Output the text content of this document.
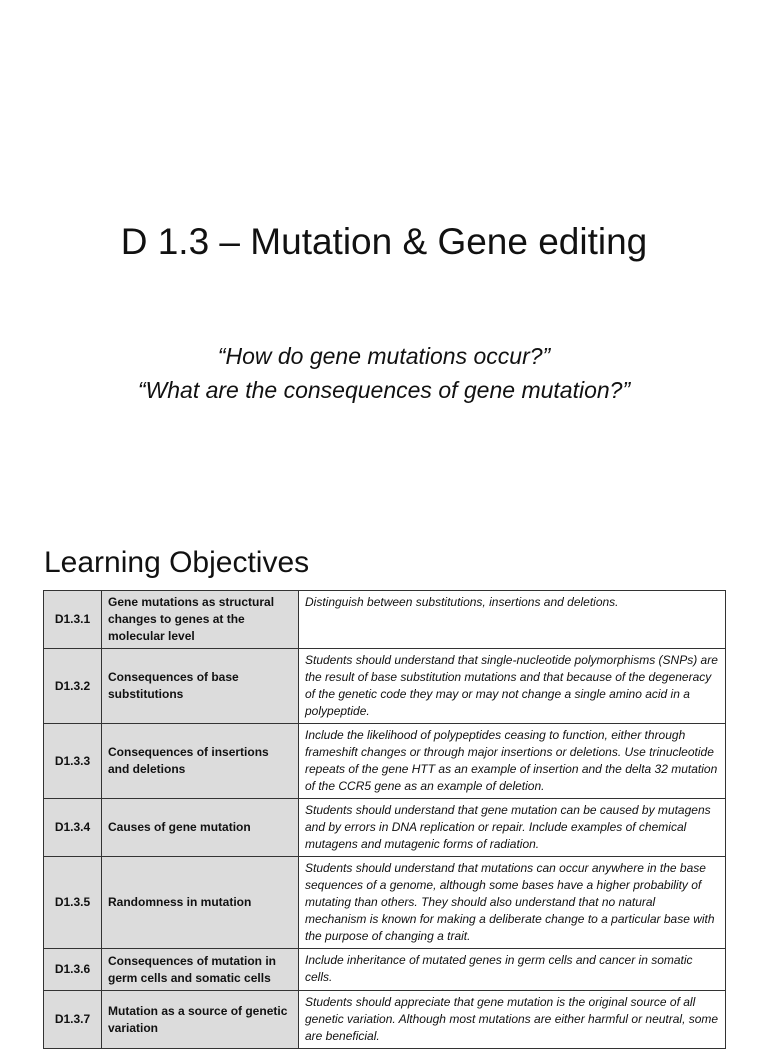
D 1.3 – Mutation & Gene editing
“How do gene mutations occur?”
“What are the consequences of gene mutation?”
Learning Objectives
D1.3.1	Gene mutations as structural changes to genes at the molecular level	Distinguish between substitutions, insertions and deletions.
D1.3.2	Consequences of base substitutions	Students should understand that single-nucleotide polymorphisms (SNPs) are the result of base substitution mutations and that because of the degeneracy of the genetic code they may or may not change a single amino acid in a polypeptide.
D1.3.3	Consequences of insertions and deletions	Include the likelihood of polypeptides ceasing to function, either through frameshift changes or through major insertions or deletions. Use trinucleotide repeats of the gene HTT as an example of insertion and the delta 32 mutation of the CCR5 gene as an example of deletion.
D1.3.4	Causes of gene mutation	Students should understand that gene mutation can be caused by mutagens and by errors in DNA replication or repair. Include examples of chemical mutagens and mutagenic forms of radiation.
D1.3.5	Randomness in mutation	Students should understand that mutations can occur anywhere in the base sequences of a genome, although some bases have a higher probability of mutating than others. They should also understand that no natural mechanism is known for making a deliberate change to a particular base with the purpose of changing a trait.
D1.3.6	Consequences of mutation in germ cells and somatic cells	Include inheritance of mutated genes in germ cells and cancer in somatic cells.
D1.3.7	Mutation as a source of genetic variation	Students should appreciate that gene mutation is the original source of all genetic variation. Although most mutations are either harmful or neutral, some are beneficial.
